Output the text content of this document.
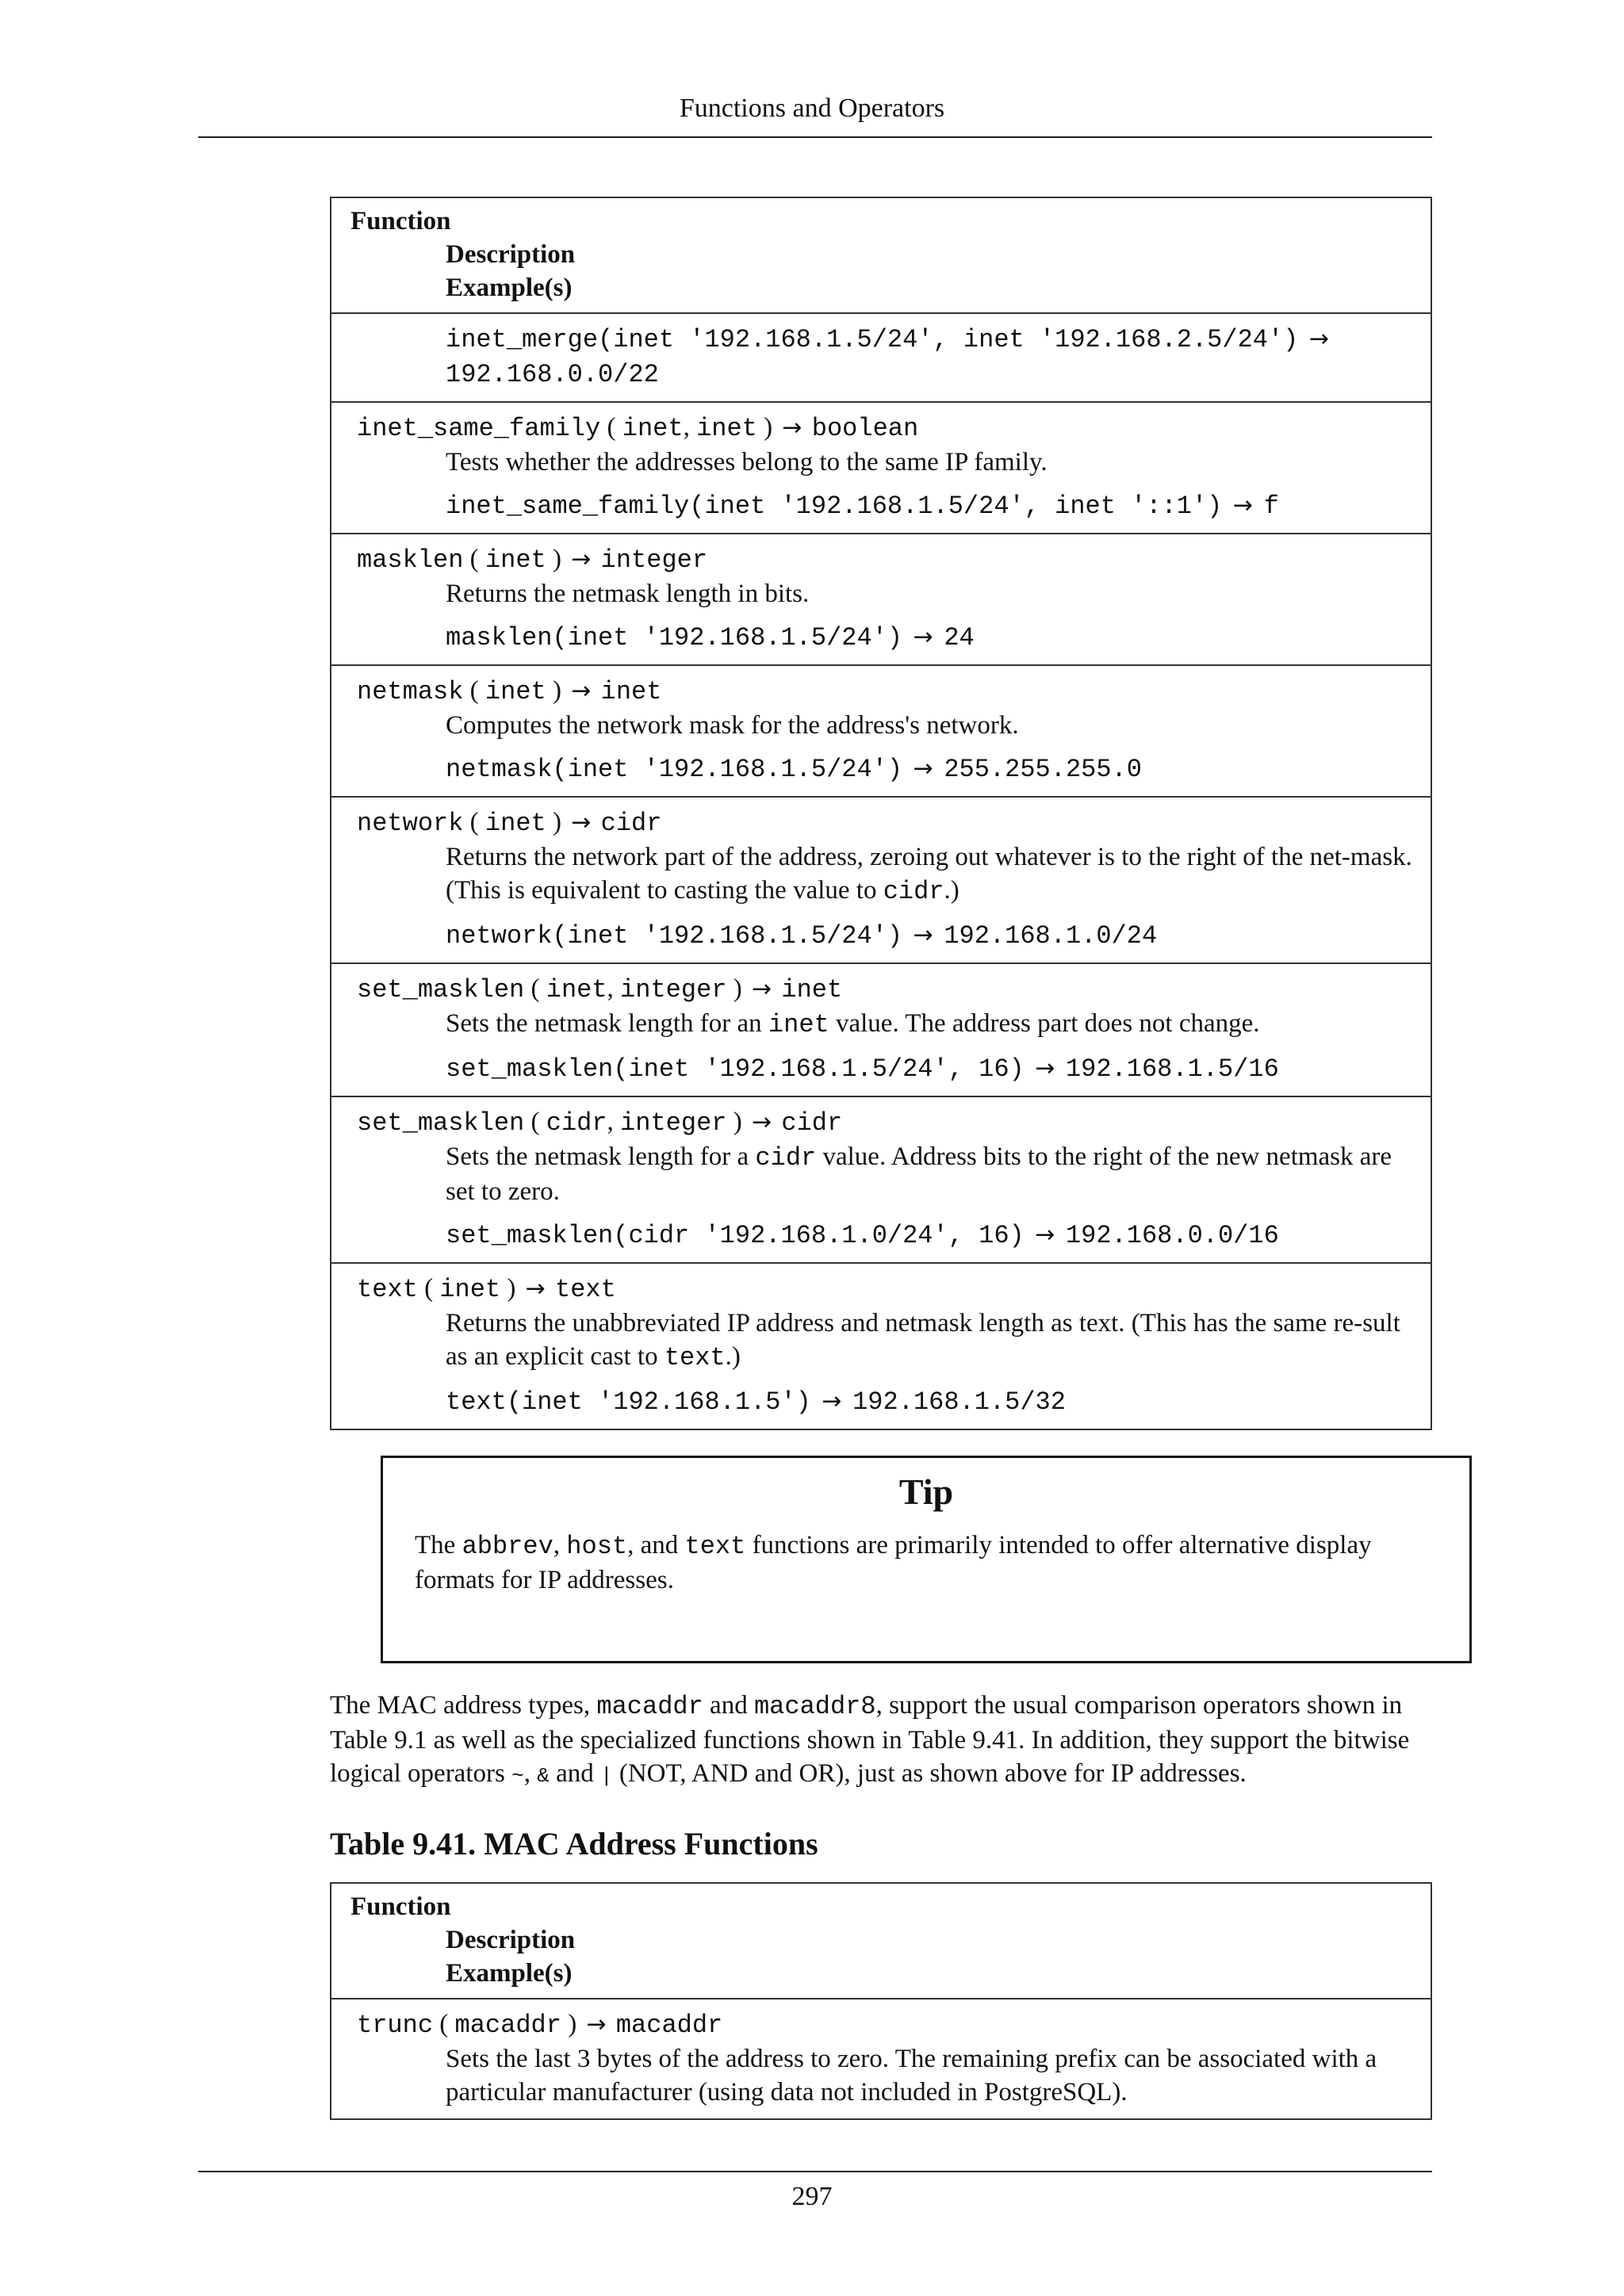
Functions and Operators
Function
Description
Example(s)
inet_merge(inet '192.168.1.5/24', inet '192.168.2.5/24') → 192.168.0.0/22
inet_same_family ( inet, inet ) → boolean
Tests whether the addresses belong to the same IP family.
inet_same_family(inet '192.168.1.5/24', inet '::1') → f
masklen ( inet ) → integer
Returns the netmask length in bits.
masklen(inet '192.168.1.5/24') → 24
netmask ( inet ) → inet
Computes the network mask for the address's network.
netmask(inet '192.168.1.5/24') → 255.255.255.0
network ( inet ) → cidr
Returns the network part of the address, zeroing out whatever is to the right of the net-mask. (This is equivalent to casting the value to cidr.)
network(inet '192.168.1.5/24') → 192.168.1.0/24
set_masklen ( inet, integer ) → inet
Sets the netmask length for an inet value. The address part does not change.
set_masklen(inet '192.168.1.5/24', 16) → 192.168.1.5/16
set_masklen ( cidr, integer ) → cidr
Sets the netmask length for a cidr value. Address bits to the right of the new netmask are set to zero.
set_masklen(cidr '192.168.1.0/24', 16) → 192.168.0.0/16
text ( inet ) → text
Returns the unabbreviated IP address and netmask length as text. (This has the same re-sult as an explicit cast to text.)
text(inet '192.168.1.5') → 192.168.1.5/32
Tip
The abbrev, host, and text functions are primarily intended to offer alternative display formats for IP addresses.
The MAC address types, macaddr and macaddr8, support the usual comparison operators shown in Table 9.1 as well as the specialized functions shown in Table 9.41. In addition, they support the bitwise logical operators ~, & and | (NOT, AND and OR), just as shown above for IP addresses.
Table 9.41. MAC Address Functions
Function
Description
Example(s)
trunc ( macaddr ) → macaddr
Sets the last 3 bytes of the address to zero. The remaining prefix can be associated with a particular manufacturer (using data not included in PostgreSQL).
297
